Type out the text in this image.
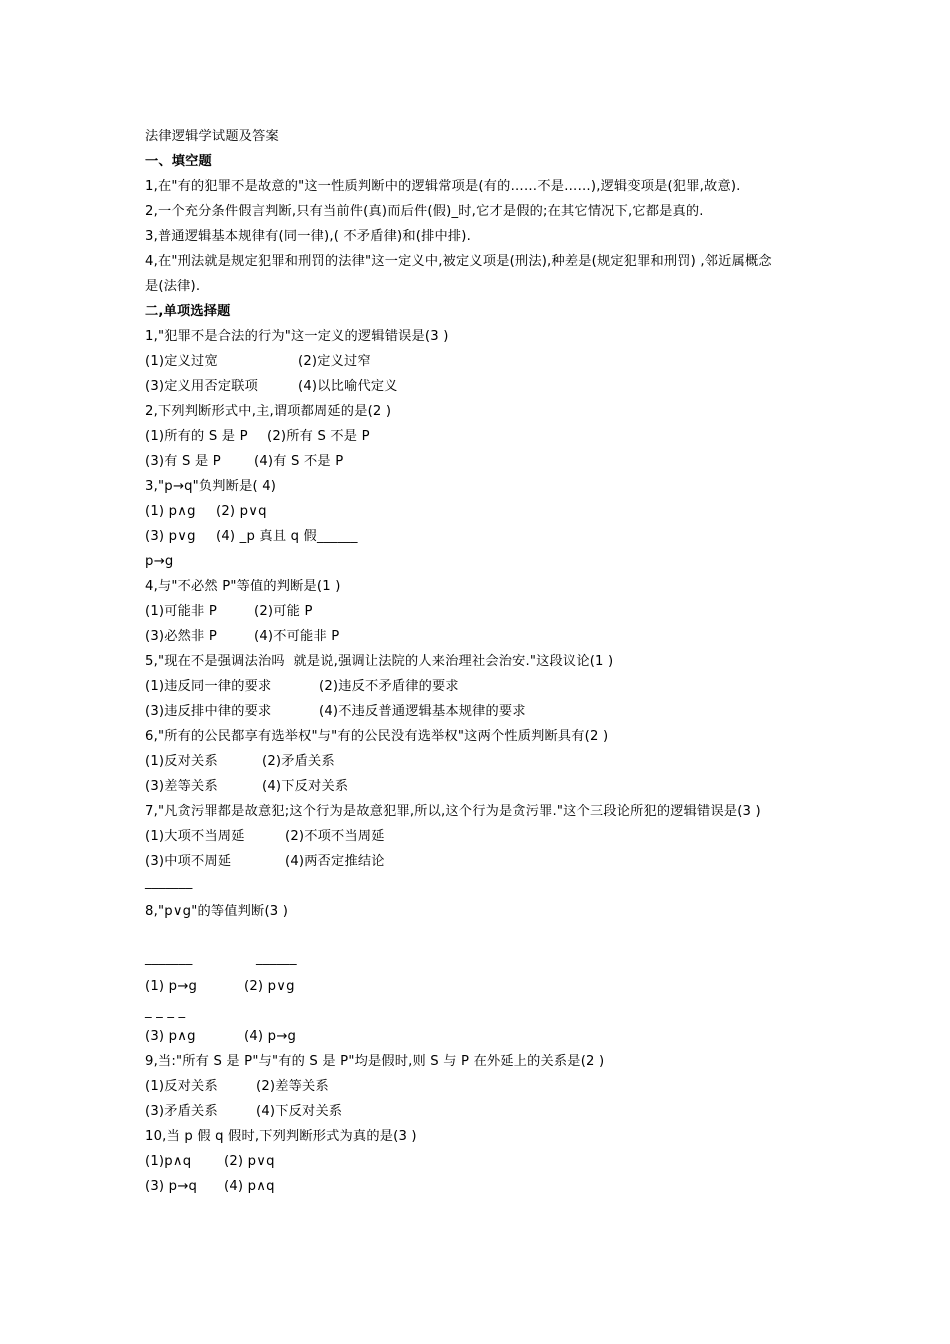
法律逻辑学试题及答案
一、填空题
1,在"有的犯罪不是故意的"这一性质判断中的逻辑常项是(有的……不是……),逻辑变项是(犯罪,故意).
2,一个充分条件假言判断,只有当前件(真)而后件(假)_时,它才是假的;在其它情况下,它都是真的.
3,普通逻辑基本规律有(同一律),( 不矛盾律)和(排中排).
4,在"刑法就是规定犯罪和刑罚的法律"这一定义中,被定义项是(刑法),种差是(规定犯罪和刑罚) ,邻近属概念
是(法律).
二,单项选择题
1,"犯罪不是合法的行为"这一定义的逻辑错误是(3 )
(1)定义过宽	(2)定义过窄
(3)定义用否定联项	(4)以比喻代定义
2,下列判断形式中,主,谓项都周延的是(2 )
(1)所有的 S 是 P (2)所有 S 不是 P
(3)有 S 是 P	(4)有 S 不是 P
3,"p→q"负判断是( 4)
(1) p∧g (2) p∨q
(3) p∨g (4) _p 真且 q 假______
p→g
4,与"不必然 P"等值的判断是(1 )
(1)可能非 P	(2)可能 P
(3)必然非 P	(4)不可能非 P
5,"现在不是强调法治吗  就是说,强调让法院的人来治理社会治安."这段议论(1 )
(1)违反同一律的要求	(2)违反不矛盾律的要求
(3)违反排中律的要求	(4)不违反普通逻辑基本规律的要求
6,"所有的公民都享有选举权"与"有的公民没有选举权"这两个性质判断具有(2 )
(1)反对关系	(2)矛盾关系
(3)差等关系	(4)下反对关系
7,"凡贪污罪都是故意犯;这个行为是故意犯罪,所以,这个行为是贪污罪."这个三段论所犯的逻辑错误是(3 )
(1)大项不当周延	(2)不项不当周延
(3)中项不周延	(4)两否定推结论
_______
8,"p∨g"的等值判断(3 )
_______	______
(1) p→g	(2) p∨g
_ _ _ _
(3) p∧g	(4) p→g
9,当:"所有 S 是 P"与"有的 S 是 P"均是假时,则 S 与 P 在外延上的关系是(2 )
(1)反对关系	(2)差等关系
(3)矛盾关系	(4)下反对关系
10,当 p 假 q 假时,下列判断形式为真的是(3 )
(1)p∧q (2) p∨q
(3) p→q (4) p∧q
